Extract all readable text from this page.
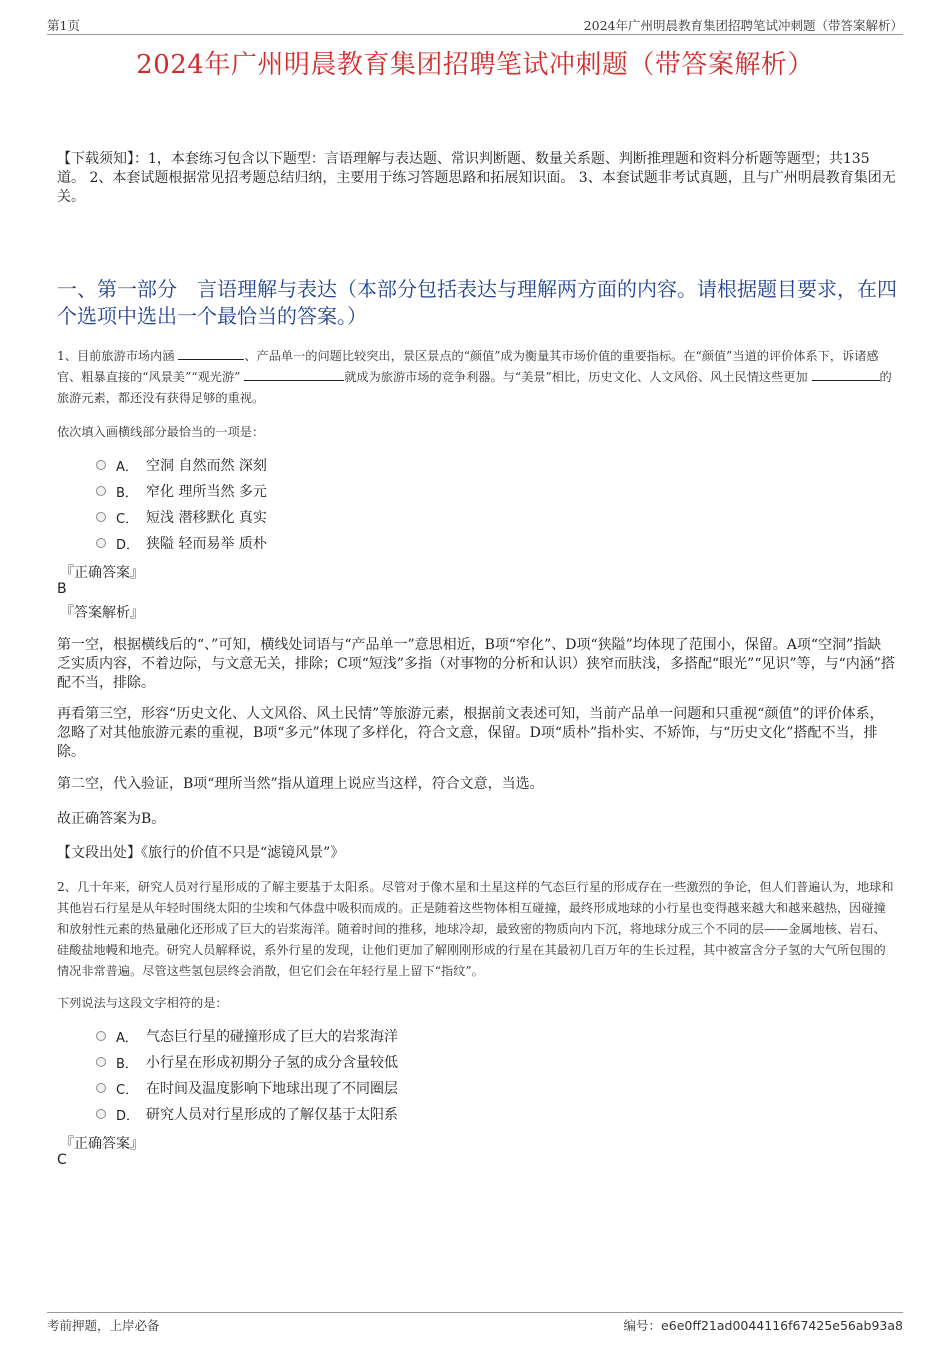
第1页	2024年广州明晨教育集团招聘笔试冲刺题（带答案解析）
2024年广州明晨教育集团招聘笔试冲刺题（带答案解析）
【下载须知】：1，本套练习包含以下题型：言语理解与表达题、常识判断题、数量关系题、判断推理题和资料分析题等题型；共135道。 2、本套试题根据常见招考题总结归纳，主要用于练习答题思路和拓展知识面。 3、本套试题非考试真题，且与广州明晨教育集团无关。
一、第一部分　言语理解与表达（本部分包括表达与理解两方面的内容。请根据题目要求，在四个选项中选出一个最恰当的答案。）
1、目前旅游市场内涵	、产品单一的问题比较突出，景区景点的“颜值”成为衡量其市场价值的重要指标。在“颜值”当道的评价体系下，诉诸感官、粗暴直接的“风景美”“观光游”	就成为旅游市场的竞争利器。与“美景”相比，历史文化、人文风俗、风土民情这些更加	的旅游元素，都还没有获得足够的重视。
依次填入画横线部分最恰当的一项是：
A． 空洞 自然而然 深刻
B． 窄化 理所当然 多元
C． 短浅 潜移默化 真实
D． 狭隘 轻而易举 质朴
『正确答案』
B
『答案解析』
第一空，根据横线后的“、”可知，横线处词语与“产品单一”意思相近，B项“窄化”、D项“狭隘”均体现了范围小，保留。A项“空洞”指缺乏实质内容，不着边际，与文意无关，排除；C项“短浅”多指（对事物的分析和认识）狭窄而肤浅，多搭配“眼光”“见识”等，与“内涵”搭配不当，排除。
再看第三空，形容“历史文化、人文风俗、风土民情”等旅游元素，根据前文表述可知，当前产品单一问题和只重视“颜值”的评价体系，忽略了对其他旅游元素的重视，B项“多元”体现了多样化，符合文意，保留。D项“质朴”指朴实、不矫饰，与“历史文化”搭配不当，排除。
第二空，代入验证，B项“理所当然”指从道理上说应当这样，符合文意，当选。
故正确答案为B。
【文段出处】《旅行的价值不只是“滤镜风景”》
2、几十年来，研究人员对行星形成的了解主要基于太阳系。尽管对于像木星和土星这样的气态巨行星的形成存在一些激烈的争论，但人们普遍认为，地球和其他岩石行星是从年轻时围绕太阳的尘埃和气体盘中吸积而成的。正是随着这些物体相互碰撞，最终形成地球的小行星也变得越来越大和越来越热，因碰撞和放射性元素的热量融化还形成了巨大的岩浆海洋。随着时间的推移，地球冷却，最致密的物质向内下沉，将地球分成三个不同的层——金属地核、岩石、硅酸盐地幔和地壳。研究人员解释说，系外行星的发现，让他们更加了解刚刚形成的行星在其最初几百万年的生长过程，其中被富含分子氢的大气所包围的情况非常普遍。尽管这些氢包层终会消散，但它们会在年轻行星上留下“指纹”。
下列说法与这段文字相符的是：
A． 气态巨行星的碰撞形成了巨大的岩浆海洋
B． 小行星在形成初期分子氢的成分含量较低
C． 在时间及温度影响下地球出现了不同圈层
D． 研究人员对行星形成的了解仅基于太阳系
『正确答案』
C
考前押题，上岸必备	编号：e6e0ff21ad0044116f67425e56ab93a8
